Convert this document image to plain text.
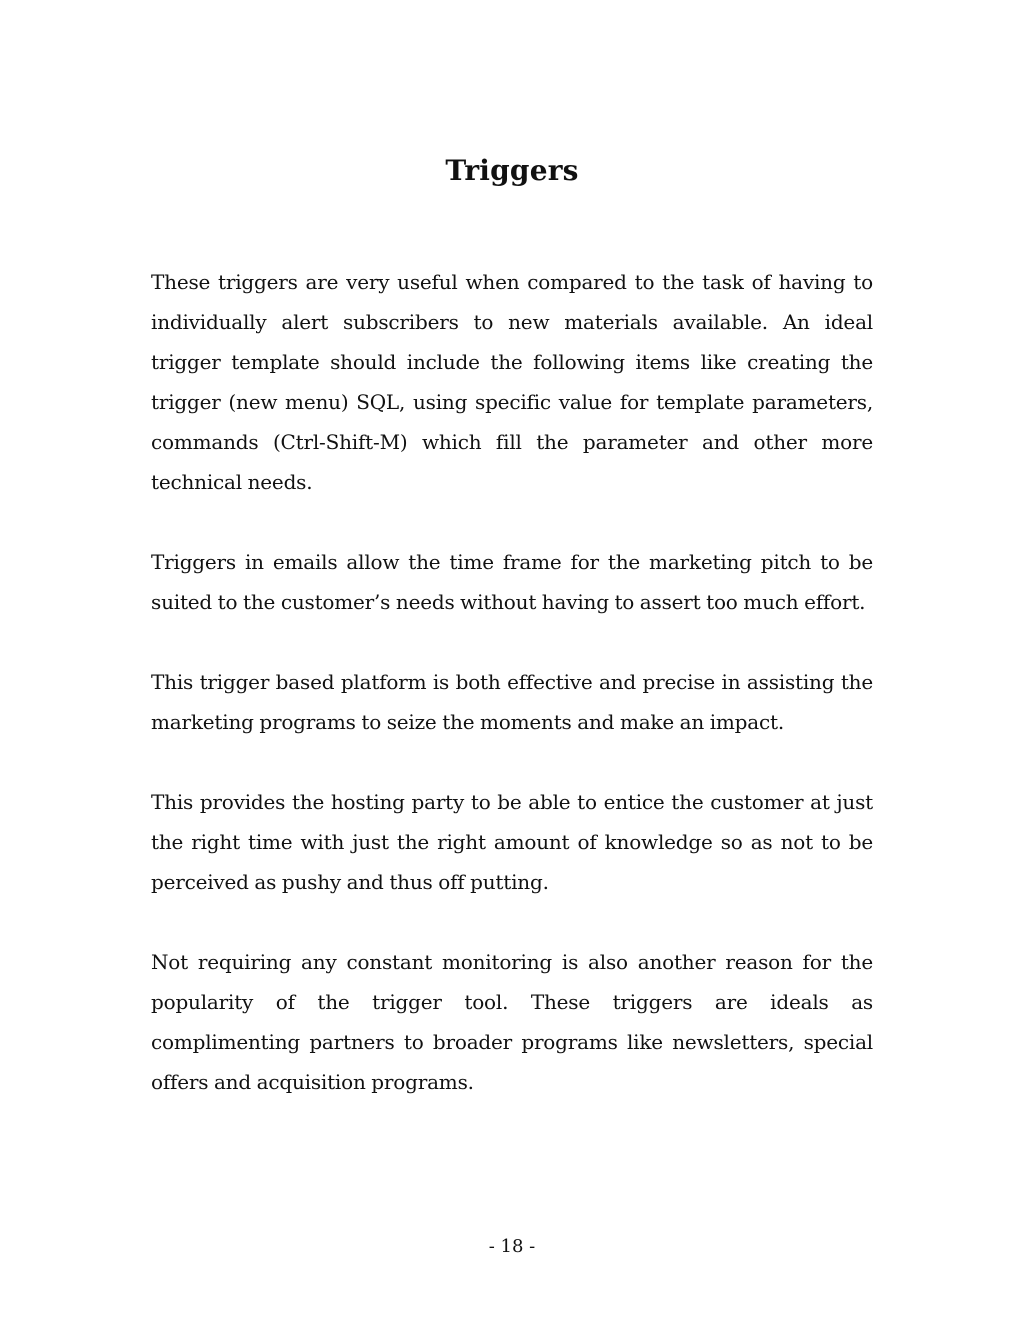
Triggers

These triggers are very useful when compared to the task of having to individually alert subscribers to new materials available. An ideal trigger template should include the following items like creating the trigger (new menu) SQL, using specific value for template parameters, commands (Ctrl-Shift-M) which fill the parameter and other more technical needs.

Triggers in emails allow the time frame for the marketing pitch to be suited to the customer’s needs without having to assert too much effort.

This trigger based platform is both effective and precise in assisting the marketing programs to seize the moments and make an impact.

This provides the hosting party to be able to entice the customer at just the right time with just the right amount of knowledge so as not to be perceived as pushy and thus off putting.

Not requiring any constant monitoring is also another reason for the popularity of the trigger tool. These triggers are ideals as complimenting partners to broader programs like newsletters, special offers and acquisition programs.

- 18 -
